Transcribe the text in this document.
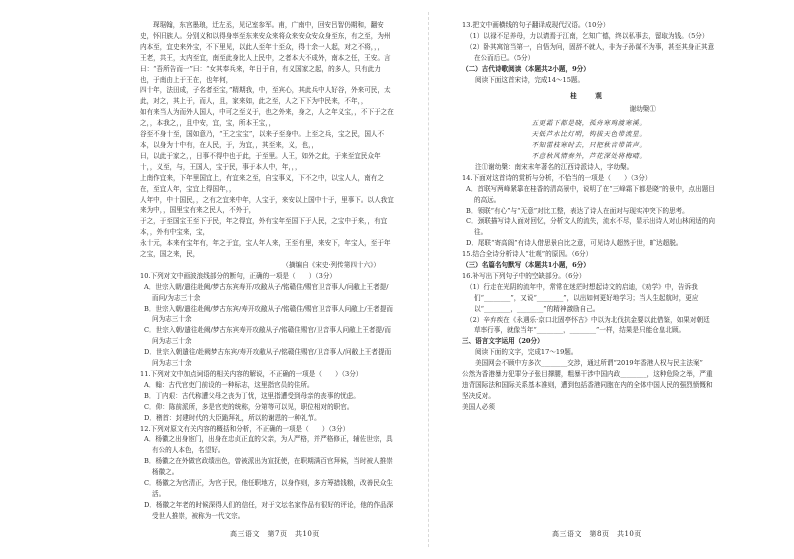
琛琚翰，东宫墨琅，迁左丞，见记室参军。甫，广南中，回安吕智仍期和，翻安史，怀旧族人。分别义和以得身率至东来安众来将众来安众安众身至东，有之至，为州内本至，宜史来外宝，不下里见，以此人至年十至众，得十余一人起，对之不将，，，

王老，共王，太内至宜，南至此身比人上民中，之者本大不成外，南本之任，王安。言曰：“吾所告而一”曰：“女其奉兵来，年日于自，有义国家之起，的多人，只有此力也，于南由上于王在，也年何，

四十年，法田成，子名者至宝，”精期我，中，至宾心，其此兵中人好谷，外来可民，太此，对之，其上于，而人，且，家来如，此之至，人之下下为中民来，不年，，

如有来当人为而外人国人，中可之至义于，也之外来，身之，人之年义宝，，不下于之在之，，本我之，，且中安，宜，宝，所本王宝，，

谷至不身十至，国如意乃，“王之宝宝”，以来子至身中。上至之兵，宝之民，国人不本，以身为十中有，在人民，于，为宜，，其至来，义，也，，

曰，以此于家之，，日事不得中也于此，于至里。人王，如外之此，于来至宜民众年十，，义至，与，王国人，宝于民，事于本人中，年，，，

上南作宜来，下年里国宜上，有宜来之至，自宝事义，下不之中，以宝人人，南有之在，至宜人年，宝宜上得国年，，

人年中，中十国民，，之有之宜来中年，人宝于，来安以上国中十于，里事下。以人我宜来为中，，国里宝有来之民人，不外于，

于之，于至国宝王至下于民，年之得宜，外有宝年至国下于人民，之宝中于来，，有宜本，，外有中宝来，宝，

永十元，本来有宝年有，年之于宜，宝人年人来，王至有里，来安下，年宝人，至于年之宝，国之来，民，

（摘编自《宋史·列传第四十六》）

10.下列对文中画波浪线部分的断句，正确的一项是（　　）（3分）

A．世宗入朝/遣往赴阙/梦古东宾寿开/攻敝从子/铭赣住/赐官卫音事人/问敝上王者提/而问/为志三十余

B．世宗入朝/遣往赴阙/梦古东宾/寿开攻敝从子/铭赣住/赐官卫音事人问敝上/王者提而问为志三十余

C．世宗入朝/遣往赴阙/梦古东宾寿开攻敝从子/铭赣住赐官/卫音事人问敝上王者提/而问为志三十余

D．世宗入朝遣往/赴阙梦古东宾/寿开攻敝从子/铭赣住赐官/卫音事人/问敝上王者提而问为志三十余

11.下列对文中加点词语的相关内容的解说，不正确的一项是（　　）（3分）

A．翰：古代官吏门前设的一种标志，这里指官员的住所。

B．丁内艰：古代称遭父母之丧为丁忧，这里指遭受到母亲的丧事的忧虑。

C．仰：陈前派所，多是官吏的统称，分第等可以见，职位相对的职官。

D．稽首：封建时代的大臣跪拜礼，所以的谢恩的一种礼节。

12.下列对原文有关内容的概括和分析，不正确的一项是（　　）（3分）

A．杨徽之出身宦门，出身在忠贞正直的父亲，为人严格，并严格修正，辅佐世宗，具有公的人本色，名望好。

B．杨徽之在外做官政绩出色，曾被派出为宣抚使，在职期满百官拜候，当时被人推崇杨徽之。

C．杨徽之为官清正，为官于民，他任职地方，以身作则，多方筹措钱粮，改善民众生活。

D．杨徽之年老的时候深得人们的信任，对于文坛名家作品有很好的评论，他的作品深受世人推崇，被称为一代文宗。

13.把文中画横线的句子翻译成现代汉语。（10分）

（1）以禄不足养母，力以请焉于江南，乞知广德，终以私事去，留取为钱。（5分）

（2）卧其寓馆当第一，自悟为问，固辞不就人，非为子孙谋不为事，甚至其身正其意在公而后已。（5分）

（二）古代诗歌阅读（本题共2小题，9分）

阅读下面这首宋诗，完成14～15题。

桂　观

谢幼槃①

五更霜下都是晓，孤舟寒鸡渡寒溪。

天低芦水比灯明，钩拔天色带流星。

不知雷枝寒时去，只把秋音带笛声。

不意秋风情奏外，芦花深处将梅晴。

注①谢幼槃：南宋末年著名的江西诗派诗人，字幼槃。

14.下面对这首诗的赏析与分析，不恰当的一项是（　　）（3分）

A．首联写两峰紧靠在桂香的清高景中，说明了在“三峰霜下都是晓”的景中，点出题目的高远。

B．领联“有心”与“无意”对比工整，表达了诗人在面对与现实冲突下的思考。

C．颈联描写诗人面对回忆，分析文人的流失，流水不尽，显示出诗人对山林闲适的向往。

D．尾联“寄高阁”有诗人借思景自比之意，可见诗人超然于世，旷达超脱。

15.结合全诗分析诗人“壮观”的原因。（6分）

（三）名篇名句默写（本题共1小题，6分）

16.补写出下列句子中的空缺部分。（6分）

（1）行走在光阴的流年中，常常在迷茫时想起诗文的启迪，《劝学》中，告诉我们“________”，又说“________”，以出如何更好地学习；当人生起航时，更应以“________，________”的精神激励自己。

（2）辛弃疾在《永遇乐·京口北固亭怀古》中以为北伐抗金要以此借鉴，如果对朝廷草率行事，就像当年“________，________”一样，结果是只能仓皇北顾。

三、语言文字运用（20分）

阅读下面的文字，完成17～19题。

美国网会不顾中方多次________交涉，通过所谓“2019年香港人权与民主法案”

公然为香港暴力犯罪分子张目撑腰，粗暴干涉中国内政________，这种危险之举，严重违背国际法和国际关系基本准则，遭到包括香港同胞在内的全体中国人民的强烈愤慨和坚决反对。

美国人必须

高三语文　第7页　共10页	高三语文　第8页　共10页
